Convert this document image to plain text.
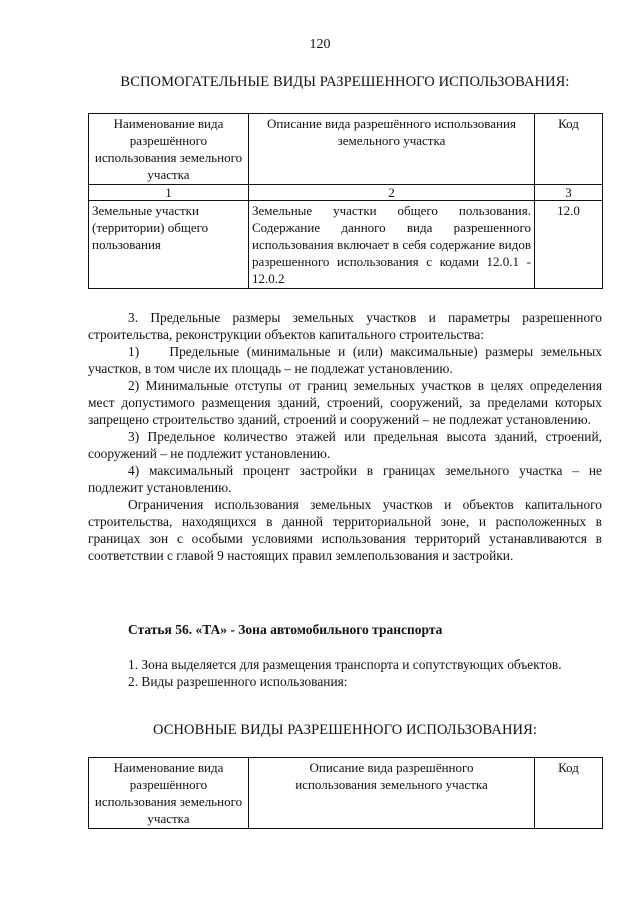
120
ВСПОМОГАТЕЛЬНЫЕ ВИДЫ РАЗРЕШЕННОГО ИСПОЛЬЗОВАНИЯ:
Наименование вида разрешённого использования земельного участка	Описание вида разрешённого использования земельного участка	Код
1	2	3
Земельные участки (территории) общего пользования	Земельные участки общего пользования. Содержание данного вида разрешенного использования включает в себя содержание видов разрешенного использования с кодами 12.0.1 - 12.0.2	12.0

3. Предельные размеры земельных участков и параметры разрешенного строительства, реконструкции объектов капитального строительства:

1)    Предельные (минимальные и (или) максимальные) размеры земельных участков, в том числе их площадь – не подлежат установлению.

2) Минимальные отступы от границ земельных участков в целях определения мест допустимого размещения зданий, строений, сооружений, за пределами которых запрещено строительство зданий, строений и сооружений – не подлежат установлению.

3) Предельное количество этажей или предельная высота зданий, строений, сооружений – не подлежит установлению.

4) максимальный процент застройки в границах земельного участка – не подлежит установлению.

Ограничения использования земельных участков и объектов капитального строительства, находящихся в данной территориальной зоне, и расположенных в границах зон с особыми условиями использования территорий устанавливаются в соответствии с главой 9 настоящих правил землепользования и застройки.

Статья 56. «ТА» - Зона автомобильного транспорта

1. Зона выделяется для размещения транспорта и сопутствующих объектов.

2. Виды разрешенного использования:

ОСНОВНЫЕ ВИДЫ РАЗРЕШЕННОГО ИСПОЛЬЗОВАНИЯ:
Наименование вида разрешённого использования земельного участка	Описание вида разрешённого использования земельного участка	Код
